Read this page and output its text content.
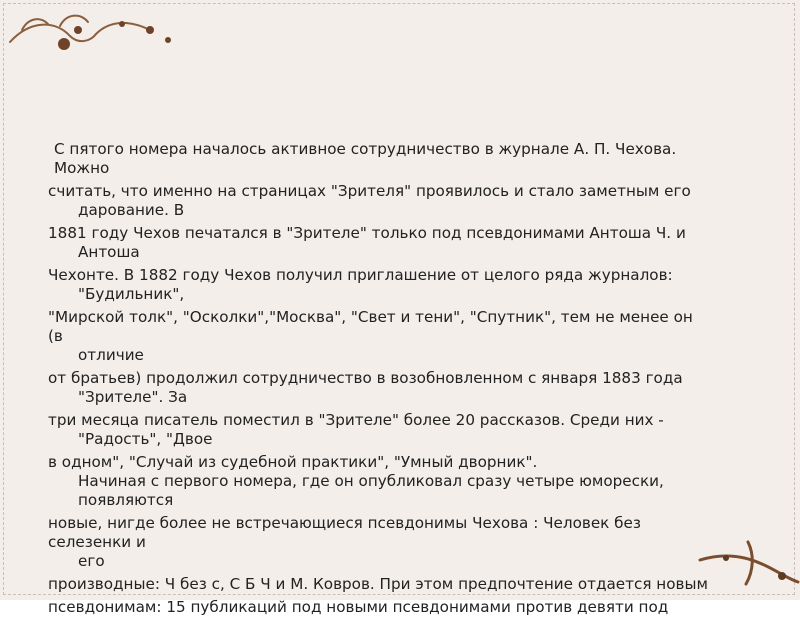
С пятого номера началось активное сотрудничество в журнале А. П. Чехова. Можно

считать, что именно на страницах "Зрителя" проявилось и стало заметным его
дарование. В

1881 году Чехов печатался в "Зрителе" только под псевдонимами Антоша Ч. и
Антоша

Чехонте. В 1882 году Чехов получил приглашение от целого ряда журналов:
"Будильник",

"Мирской толк", "Осколки","Москва", "Свет и тени", "Спутник", тем не менее он (в
отличие

от братьев) продолжил сотрудничество в возобновленном с января 1883 года
"Зрителе". За

три месяца писатель поместил в "Зрителе" более 20 рассказов. Среди них -
"Радость", "Двое

в одном", "Случай из судебной практики", "Умный дворник".
Начиная с первого номера, где он опубликовал сразу четыре юморески, появляются

новые, нигде более не встречающиеся псевдонимы Чехова : Человек без селезенки и
его

производные: Ч без с, С Б Ч и М. Ковров. При этом предпочтение отдается новым

псевдонимам: 15 публикаций под новыми псевдонимами против девяти под
